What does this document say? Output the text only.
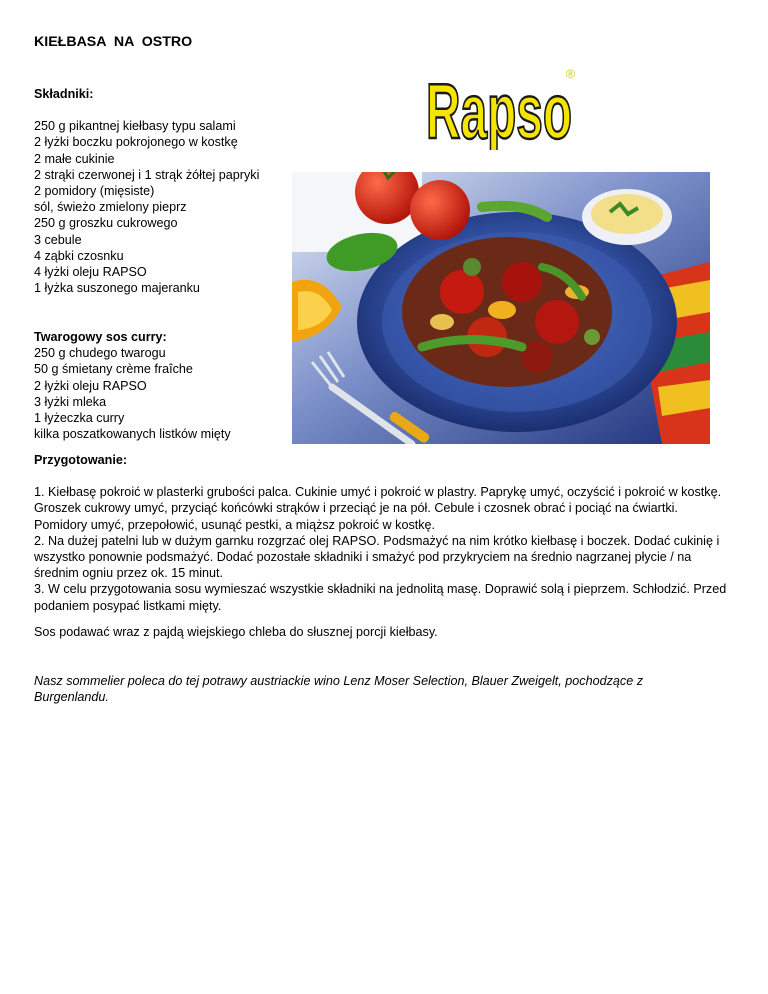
KIEŁBASA  NA  OSTRO
Rapso
®
Składniki:
250 g pikantnej kiełbasy typu salami
2 łyżki boczku pokrojonego w kostkę
2 małe cukinie
2 strąki czerwonej i 1 strąk żółtej papryki
2 pomidory (mięsiste)
sól, świeżo zmielony pieprz
250 g groszku cukrowego
3 cebule
4 ząbki czosnku
4 łyżki oleju RAPSO
1 łyżka suszonego majeranku
Twarogowy sos curry:
250 g chudego twarogu
50 g śmietany crème fraîche
2 łyżki oleju RAPSO
3 łyżki mleka
1 łyżeczka curry
kilka poszatkowanych listków mięty
Przygotowanie:

1. Kiełbasę pokroić w plasterki grubości palca. Cukinie umyć i pokroić w plastry. Paprykę umyć, oczyścić i pokroić w kostkę. Groszek cukrowy umyć, przyciąć końcówki strąków i przeciąć je na pół. Cebule i czosnek obrać i pociąć na ćwiartki. Pomidory umyć, przepołowić, usunąć pestki, a miąższ pokroić w kostkę.

2. Na dużej patelni lub w dużym garnku rozgrzać olej RAPSO. Podsmażyć na nim krótko kiełbasę i boczek. Dodać cukinię i wszystko ponownie podsmażyć. Dodać pozostałe składniki i smażyć pod przykryciem na średnio nagrzanej płycie / na średnim ogniu przez ok. 15 minut.

3. W celu przygotowania sosu wymieszać wszystkie składniki na jednolitą masę. Doprawić solą i pieprzem. Schłodzić. Przed podaniem posypać listkami mięty.

Sos podawać wraz z pajdą wiejskiego chleba do słusznej porcji kiełbasy.
Nasz sommelier poleca do tej potrawy austriackie wino Lenz Moser Selection, Blauer Zweigelt, pochodzące z Burgenlandu.
